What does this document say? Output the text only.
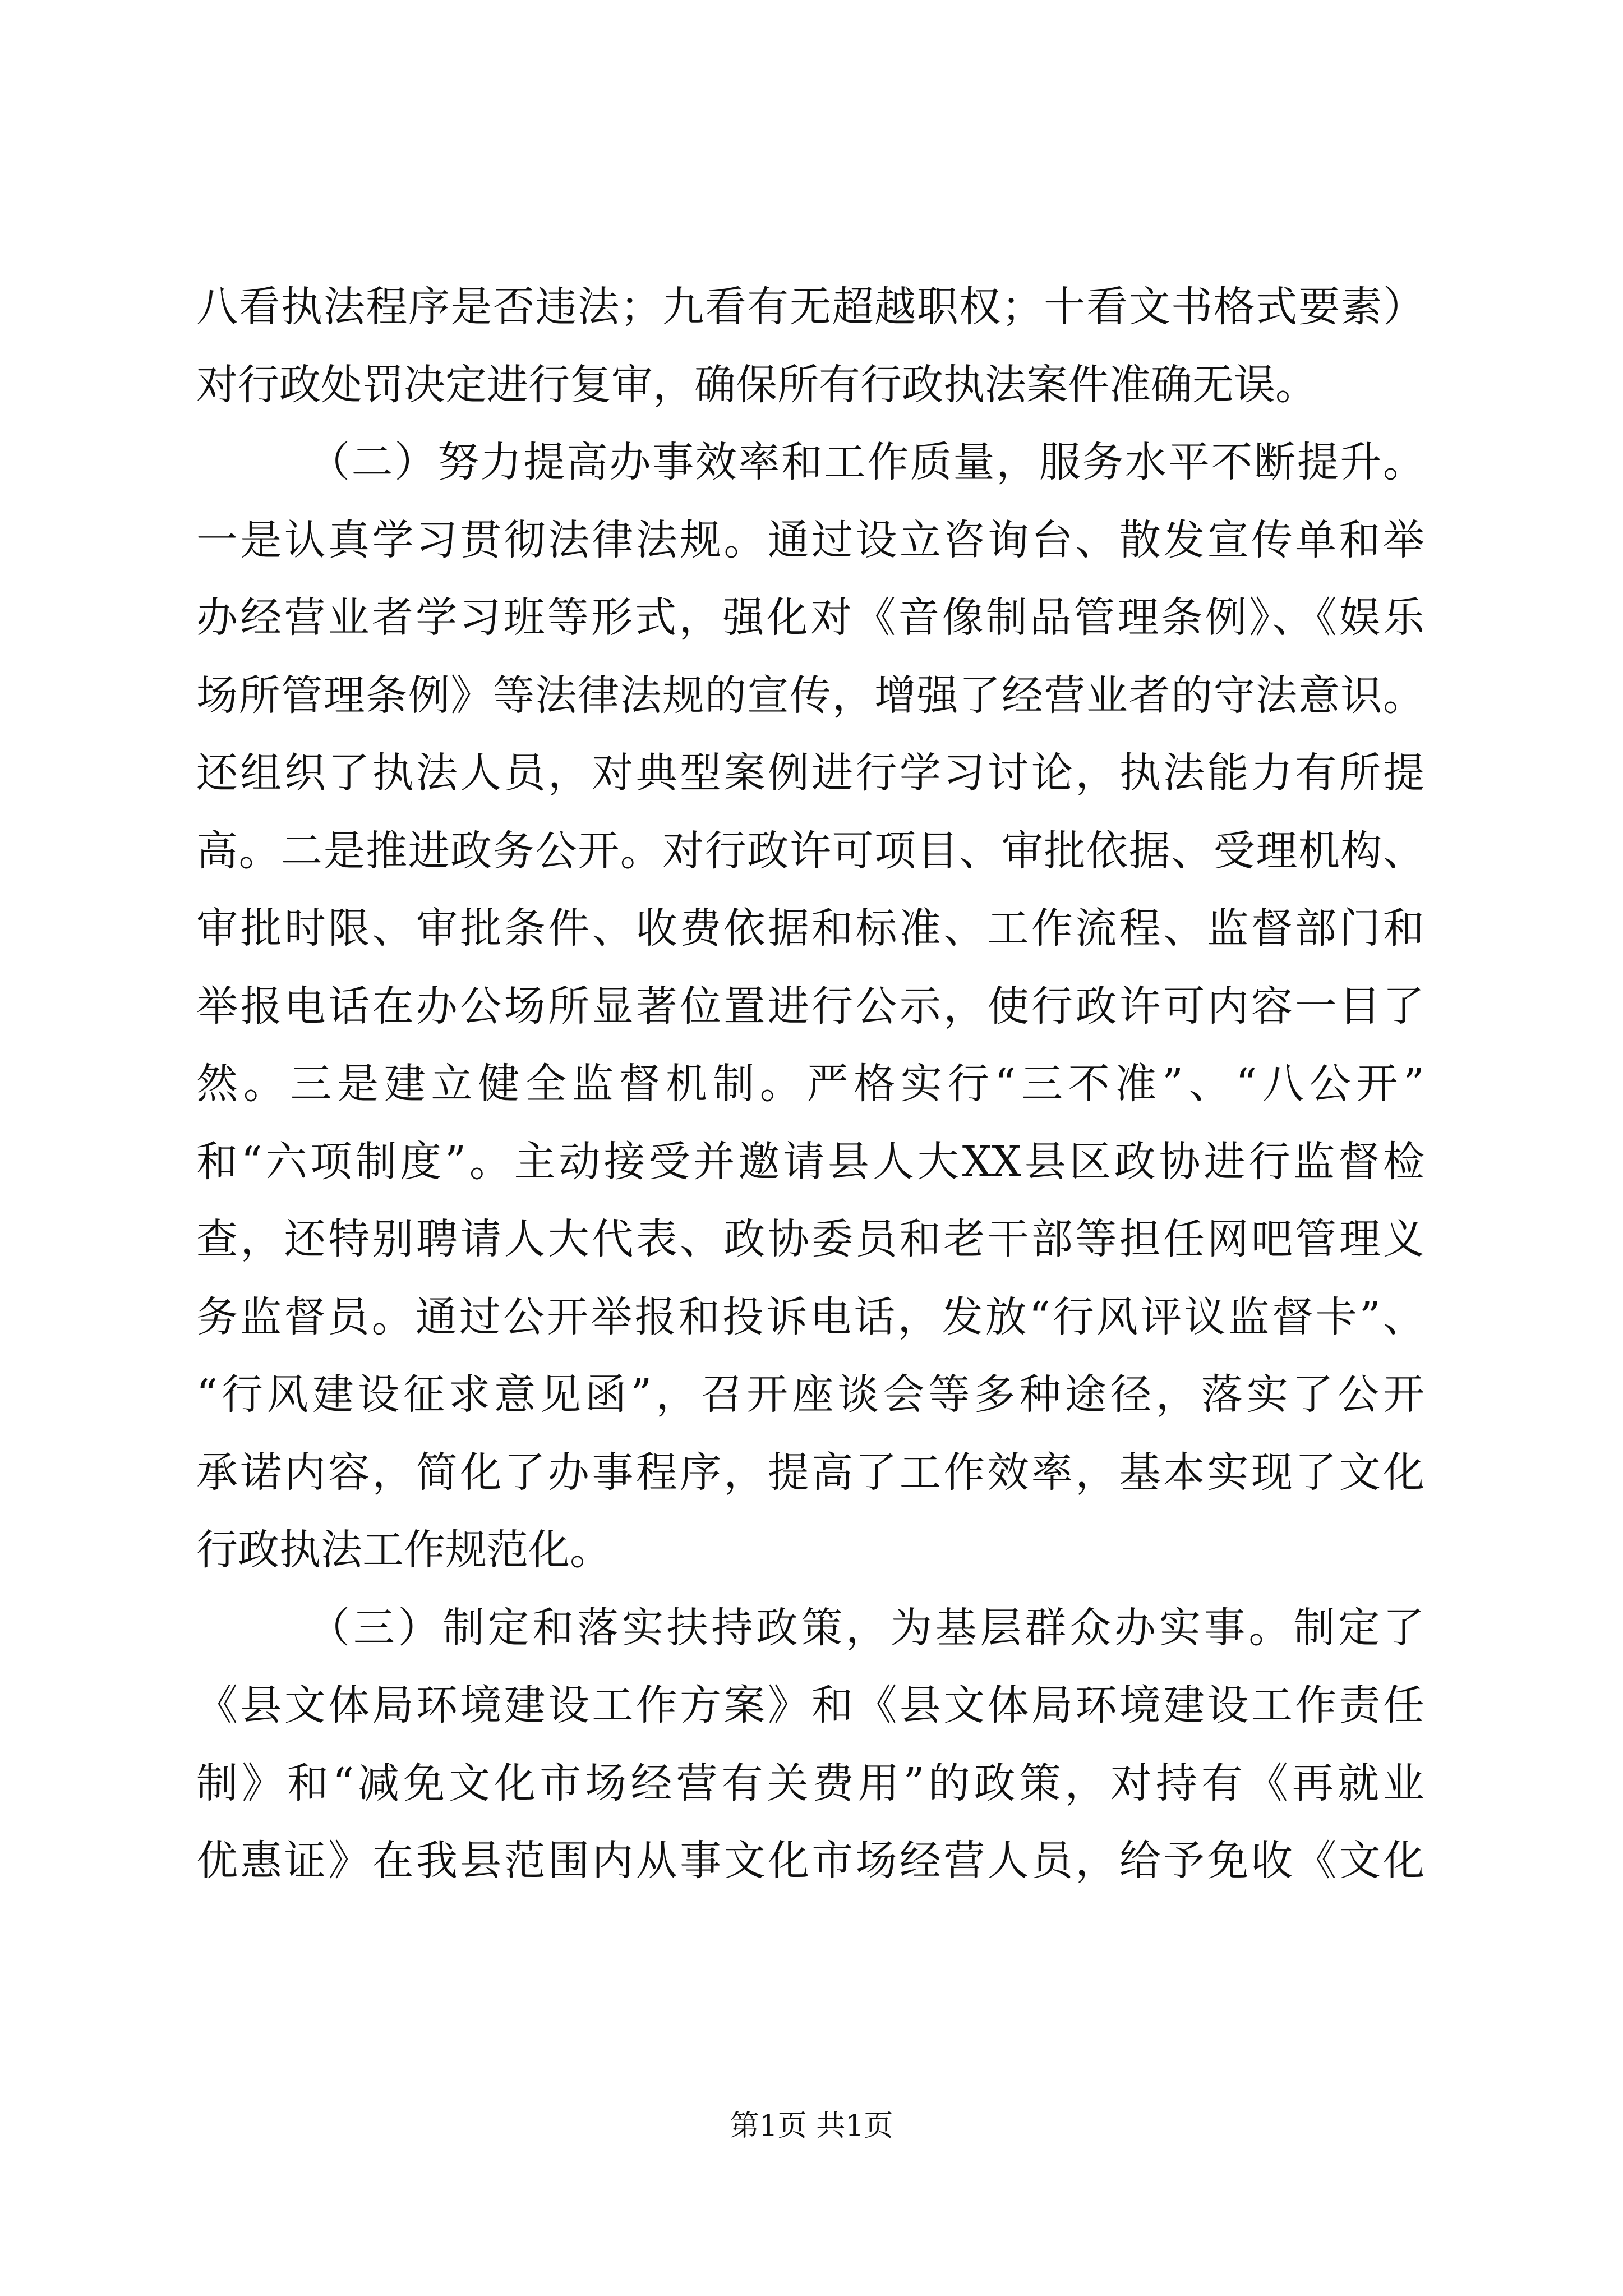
八看执法程序是否违法；九看有无超越职权；十看文书格式要素）
对行政处罚决定进行复审，确保所有行政执法案件准确无误。
（二）努力提高办事效率和工作质量，服务水平不断提升。
一是认真学习贯彻法律法规。通过设立咨询台、散发宣传单和举
办经营业者学习班等形式，强化对《音像制品管理条例》、《娱乐
场所管理条例》等法律法规的宣传，增强了经营业者的守法意识。
还组织了执法人员，对典型案例进行学习讨论，执法能力有所提
高。二是推进政务公开。对行政许可项目、审批依据、受理机构、
审批时限、审批条件、收费依据和标准、工作流程、监督部门和
举报电话在办公场所显著位置进行公示，使行政许可内容一目了
然。三是建立健全监督机制。严格实行“三不准”、“八公开”
和“六项制度”。主动接受并邀请县人大XX县区政协进行监督检
查，还特别聘请人大代表、政协委员和老干部等担任网吧管理义
务监督员。通过公开举报和投诉电话，发放“行风评议监督卡”、
“行风建设征求意见函”，召开座谈会等多种途径，落实了公开
承诺内容，简化了办事程序，提高了工作效率，基本实现了文化
行政执法工作规范化。
（三）制定和落实扶持政策，为基层群众办实事。制定了
《县文体局环境建设工作方案》和《县文体局环境建设工作责任
制》和“减免文化市场经营有关费用”的政策，对持有《再就业
优惠证》在我县范围内从事文化市场经营人员，给予免收《文化
第1页 共1页
